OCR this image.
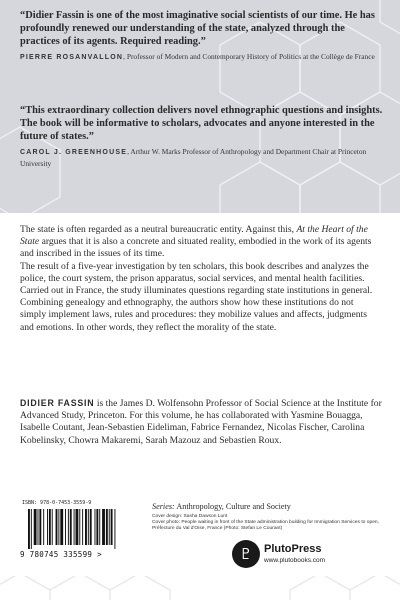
“Didier Fassin is one of the most imaginative social scientists of our time. He has profoundly renewed our understanding of the state, analyzed through the practices of its agents. Required reading.”
PIERRE ROSANVALLON, Professor of Modern and Contemporary History of Politics at the Collège de France
“This extraordinary collection delivers novel ethnographic questions and insights. The book will be informative to scholars, advocates and anyone interested in the future of states.”
CAROL J. GREENHOUSE, Arthur W. Marks Professor of Anthropology and Department Chair at Princeton University

The state is often regarded as a neutral bureaucratic entity. Against this, At the Heart of the State argues that it is also a concrete and situated reality, embodied in the work of its agents and inscribed in the issues of its time.

The result of a five-year investigation by ten scholars, this book describes and analyzes the police, the court system, the prison apparatus, social services, and mental health facilities. Carried out in France, the study illuminates questions regarding state institutions in general. Combining genealogy and ethnography, the authors show how these institutions do not simply implement laws, rules and procedures: they mobilize values and affects, judgments and emotions. In other words, they reflect the morality of the state.

DIDIER FASSIN is the James D. Wolfensohn Professor of Social Science at the Institute for Advanced Study, Princeton. For this volume, he has collaborated with Yasmine Bouagga, Isabelle Coutant, Jean-Sebastien Eideliman, Fabrice Fernandez, Nicolas Fischer, Carolina Kobelinsky, Chowra Makaremi, Sarah Mazouz and Sebastien Roux.
ISBN: 978-0-7453-3559-9
9 780745 335599 >
Series: Anthropology, Culture and Society
Cover design: Sasha Dawson Lunt
Cover photo: People waiting in front of the State administration building for Immigration Services to open, Préfecture du Val d'Oise, France (Photo: Stefan Le Courant)
♇	PlutoPress
www.plutobooks.com
